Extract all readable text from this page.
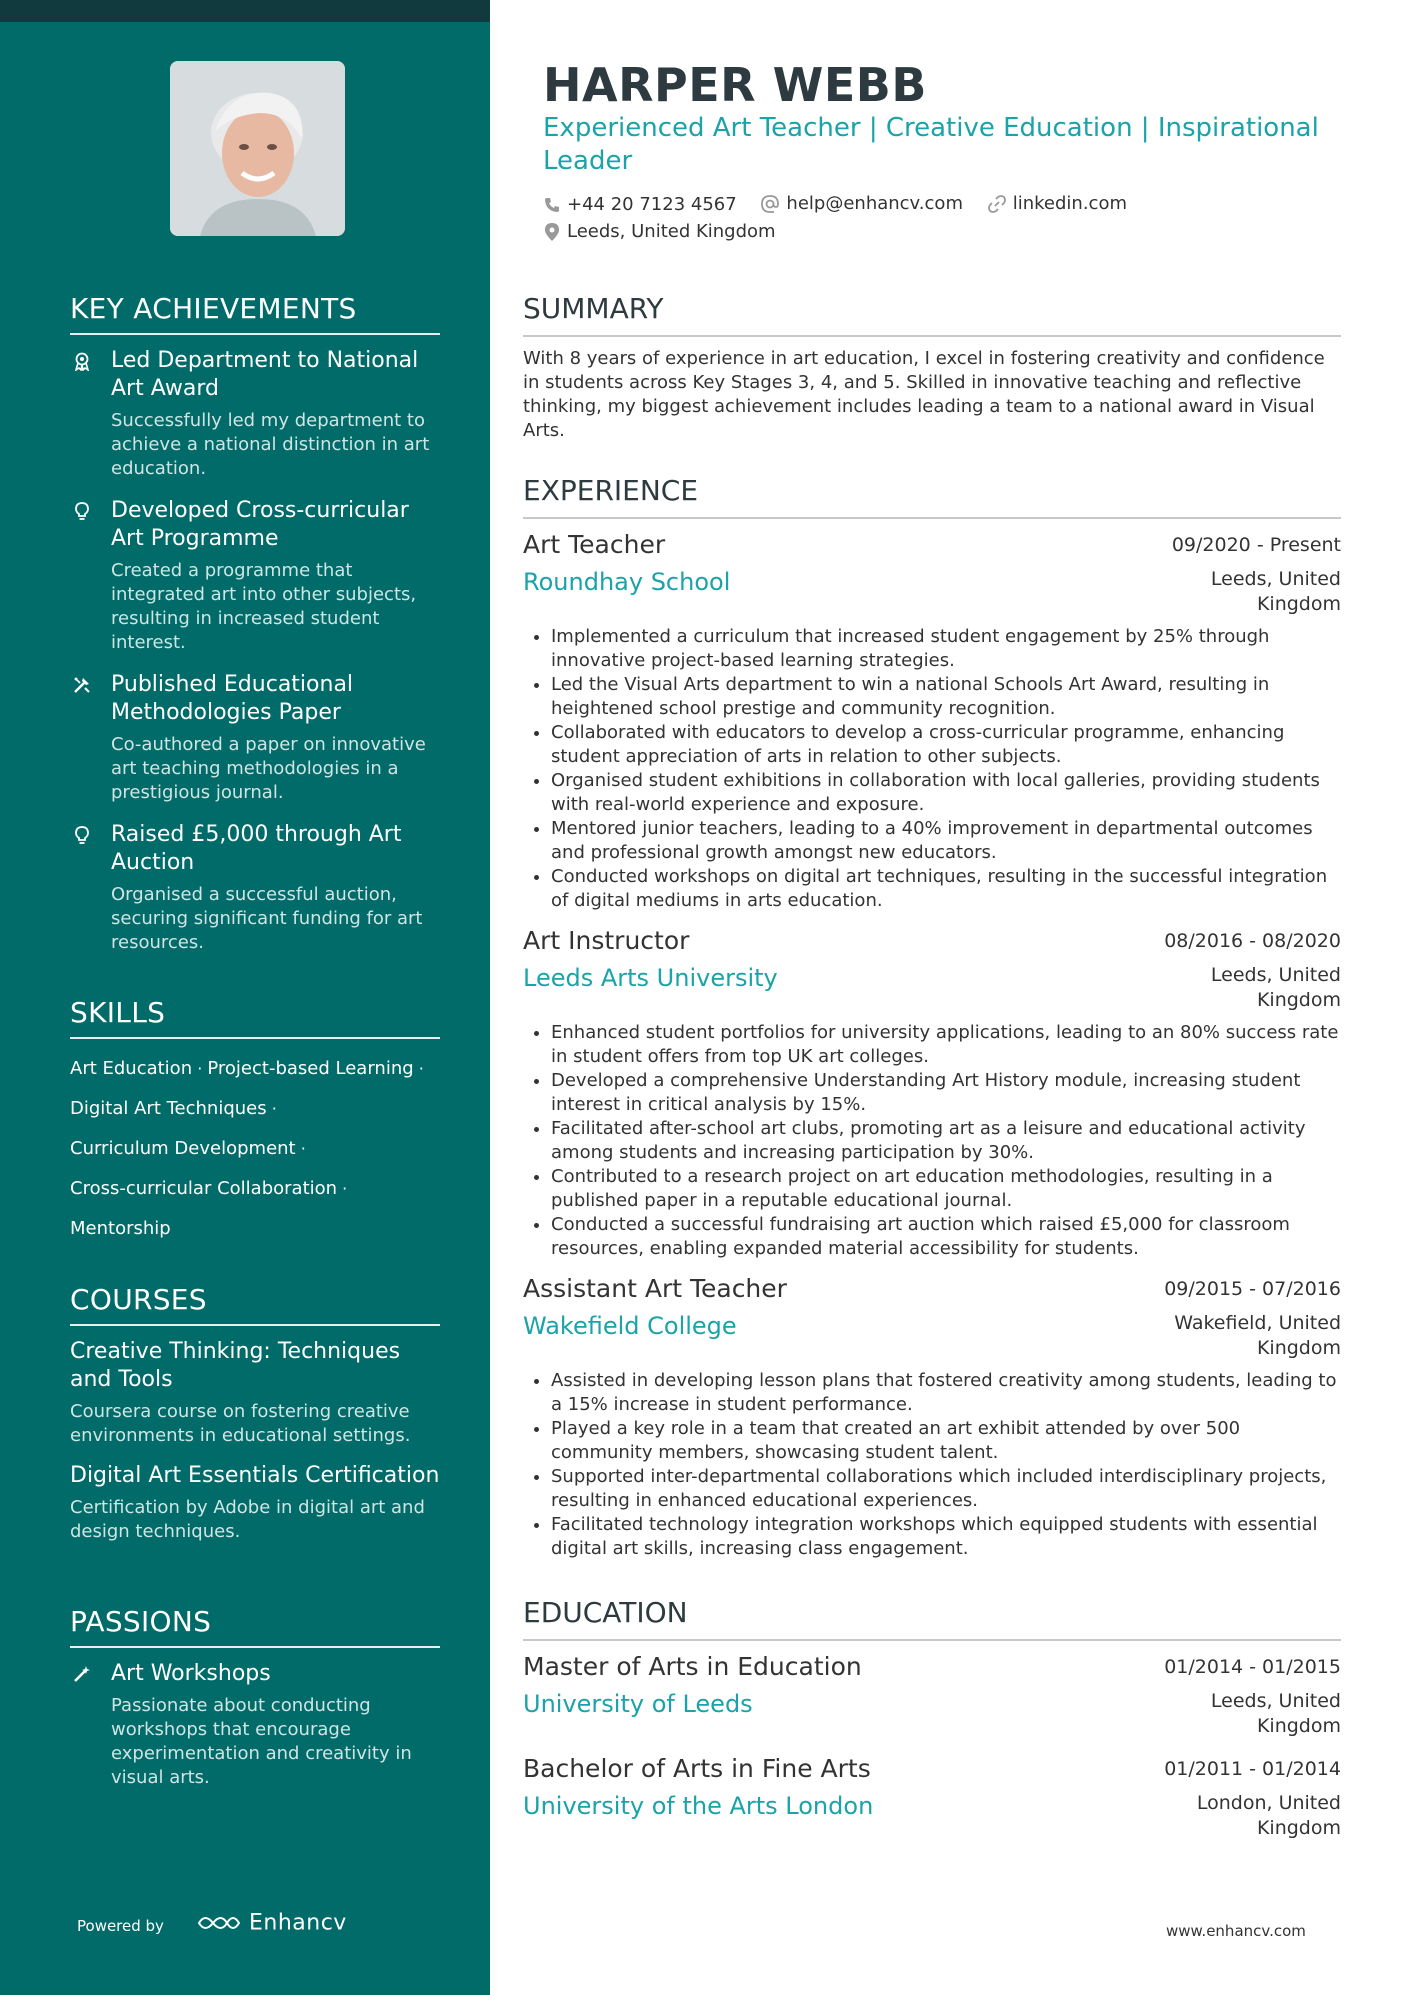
KEY ACHIEVEMENTS
Led Department to National Art Award
Successfully led my department to achieve a national distinction in art education.
Developed Cross-curricular Art Programme
Created a programme that integrated art into other subjects, resulting in increased student interest.
Published Educational Methodologies Paper
Co-authored a paper on innovative art teaching methodologies in a prestigious journal.
Raised £5,000 through Art Auction
Organised a successful auction, securing significant funding for art resources.
SKILLS
Art Education · Project-based Learning ·
Digital Art Techniques ·
Curriculum Development ·
Cross-curricular Collaboration ·
Mentorship
COURSES
Creative Thinking: Techniques and Tools
Coursera course on fostering creative environments in educational settings.
Digital Art Essentials Certification
Certification by Adobe in digital art and design techniques.
PASSIONS
Art Workshops
Passionate about conducting workshops that encourage experimentation and creativity in visual arts.
Powered by	Enhancv
HARPER WEBB
Experienced Art Teacher | Creative Education | Inspirational Leader
+44 20 7123 4567
	help@enhancv.com
	linkedin.com
Leeds, United Kingdom
SUMMARY
With 8 years of experience in art education, I excel in fostering creativity and confidence in students across Key Stages 3, 4, and 5. Skilled in innovative teaching and reflective thinking, my biggest achievement includes leading a team to a national award in Visual Arts.
EXPERIENCE
Art Teacher	09/2020 - Present
Roundhay School	Leeds, United Kingdom
• Implemented a curriculum that increased student engagement by 25% through innovative project-based learning strategies.
• Led the Visual Arts department to win a national Schools Art Award, resulting in heightened school prestige and community recognition.
• Collaborated with educators to develop a cross-curricular programme, enhancing student appreciation of arts in relation to other subjects.
• Organised student exhibitions in collaboration with local galleries, providing students with real-world experience and exposure.
• Mentored junior teachers, leading to a 40% improvement in departmental outcomes and professional growth amongst new educators.
• Conducted workshops on digital art techniques, resulting in the successful integration of digital mediums in arts education.
Art Instructor	08/2016 - 08/2020
Leeds Arts University	Leeds, United Kingdom
• Enhanced student portfolios for university applications, leading to an 80% success rate in student offers from top UK art colleges.
• Developed a comprehensive Understanding Art History module, increasing student interest in critical analysis by 15%.
• Facilitated after-school art clubs, promoting art as a leisure and educational activity among students and increasing participation by 30%.
• Contributed to a research project on art education methodologies, resulting in a published paper in a reputable educational journal.
• Conducted a successful fundraising art auction which raised £5,000 for classroom resources, enabling expanded material accessibility for students.
Assistant Art Teacher	09/2015 - 07/2016
Wakefield College	Wakefield, United Kingdom
• Assisted in developing lesson plans that fostered creativity among students, leading to a 15% increase in student performance.
• Played a key role in a team that created an art exhibit attended by over 500 community members, showcasing student talent.
• Supported inter-departmental collaborations which included interdisciplinary projects, resulting in enhanced educational experiences.
• Facilitated technology integration workshops which equipped students with essential digital art skills, increasing class engagement.
EDUCATION
Master of Arts in Education	01/2014 - 01/2015
University of Leeds	Leeds, United Kingdom
Bachelor of Arts in Fine Arts	01/2011 - 01/2014
University of the Arts London	London, United Kingdom
www.enhancv.com
